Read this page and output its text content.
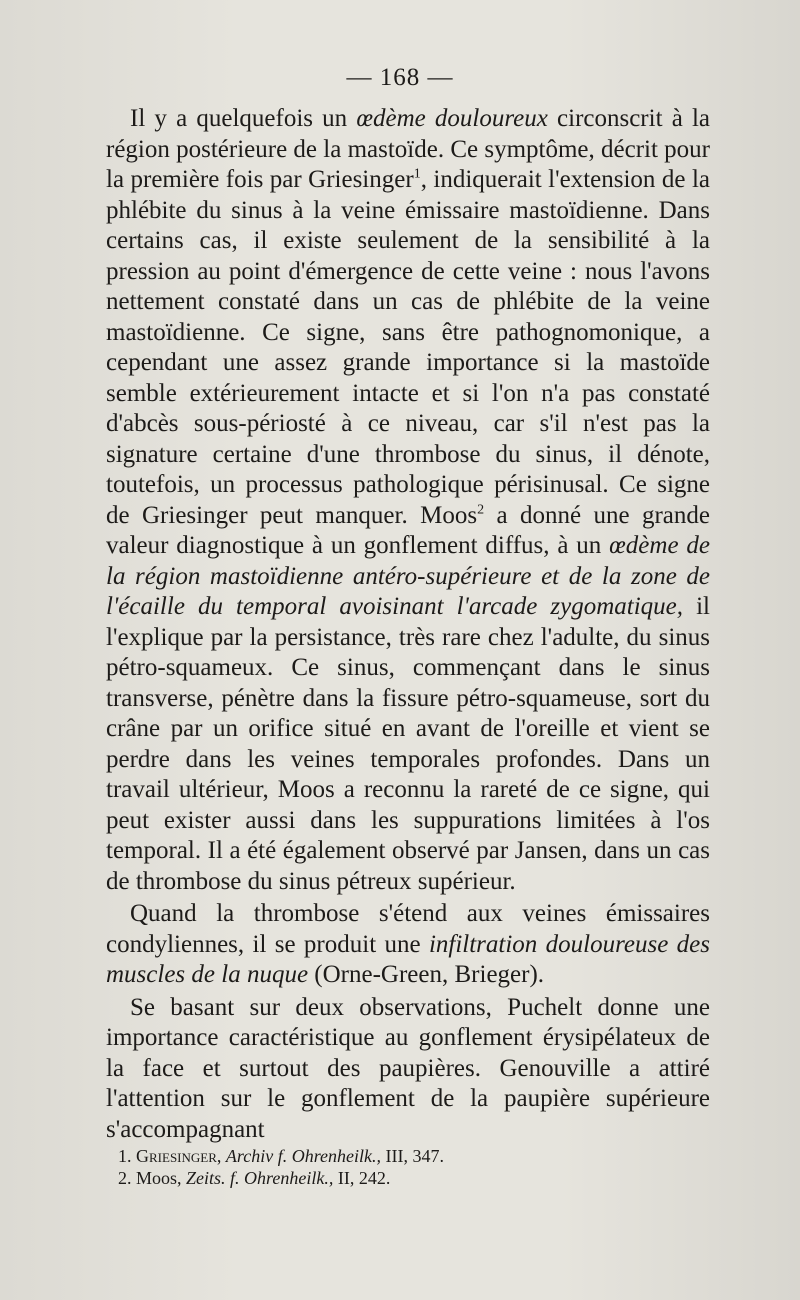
— 168 —

Il y a quelquefois un œdème douloureux circonscrit à la région postérieure de la mastoïde. Ce symptôme, décrit pour la première fois par Griesinger$^1$, indiquerait l'extension de la phlébite du sinus à la veine émissaire mastoïdienne. Dans certains cas, il existe seulement de la sensibilité à la pression au point d'émergence de cette veine : nous l'avons nettement constaté dans un cas de phlébite de la veine mastoïdienne. Ce signe, sans être pathognomonique, a cependant une assez grande importance si la mastoïde semble extérieurement intacte et si l'on n'a pas constaté d'abcès sous-périosté à ce niveau, car s'il n'est pas la signature certaine d'une thrombose du sinus, il dénote, toutefois, un processus pathologique périsinusal. Ce signe de Griesinger peut manquer. Moos$^2$ a donné une grande valeur diagnostique à un gonflement diffus, à un œdème de la région mastoïdienne antéro-supérieure et de la zone de l'écaille du temporal avoisinant l'arcade zygomatique, il l'explique par la persistance, très rare chez l'adulte, du sinus pétro-squameux. Ce sinus, commençant dans le sinus transverse, pénètre dans la fissure pétro-squameuse, sort du crâne par un orifice situé en avant de l'oreille et vient se perdre dans les veines temporales profondes. Dans un travail ultérieur, Moos a reconnu la rareté de ce signe, qui peut exister aussi dans les suppurations limitées à l'os temporal. Il a été également observé par Jansen, dans un cas de thrombose du sinus pétreux supérieur.

Quand la thrombose s'étend aux veines émissaires condyliennes, il se produit une infiltration douloureuse des muscles de la nuque (Orne-Green, Brieger).

Se basant sur deux observations, Puchelt donne une importance caractéristique au gonflement érysipélateux de la face et surtout des paupières. Genouville a attiré l'attention sur le gonflement de la paupière supérieure s'accompagnant

1. Griesinger, Archiv f. Ohrenheilk., III, 347.

2. Moos, Zeits. f. Ohrenheilk., II, 242.
